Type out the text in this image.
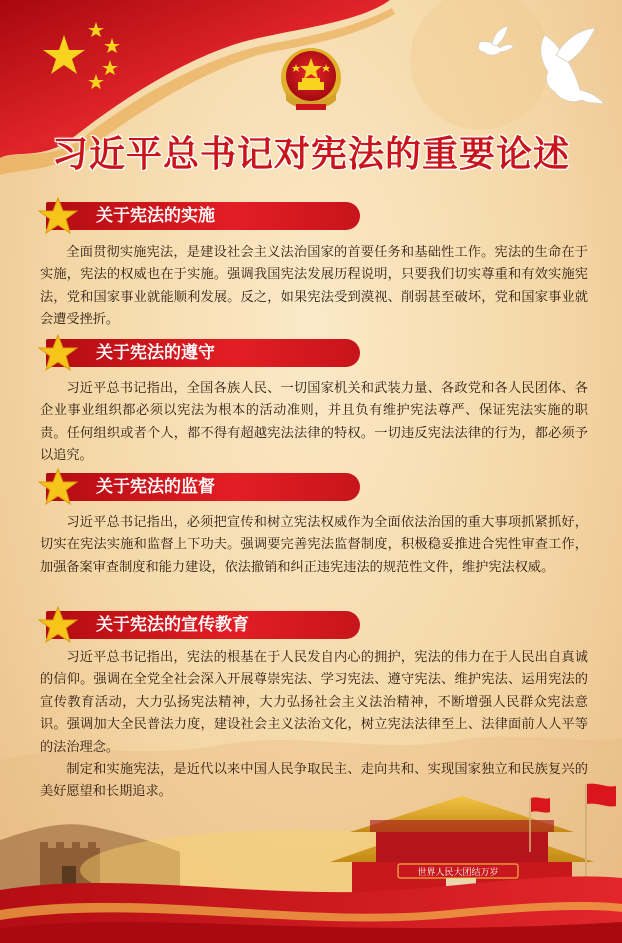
习近平总书记对宪法的重要论述
关于宪法的实施

全面贯彻实施宪法，是建设社会主义法治国家的首要任务和基础性工作。宪法的生命在于实施，宪法的权威也在于实施。强调我国宪法发展历程说明，只要我们切实尊重和有效实施宪法，党和国家事业就能顺利发展。反之，如果宪法受到漠视、削弱甚至破坏，党和国家事业就会遭受挫折。

关于宪法的遵守

习近平总书记指出，全国各族人民、一切国家机关和武装力量、各政党和各人民团体、各企业事业组织都必须以宪法为根本的活动准则，并且负有维护宪法尊严、保证宪法实施的职责。任何组织或者个人，都不得有超越宪法法律的特权。一切违反宪法法律的行为，都必须予以追究。

关于宪法的监督

习近平总书记指出，必须把宣传和树立宪法权威作为全面依法治国的重大事项抓紧抓好，切实在宪法实施和监督上下功夫。强调要完善宪法监督制度，积极稳妥推进合宪性审查工作，加强备案审查制度和能力建设，依法撤销和纠正违宪违法的规范性文件，维护宪法权威。

关于宪法的宣传教育

习近平总书记指出，宪法的根基在于人民发自内心的拥护，宪法的伟力在于人民出自真诚的信仰。强调在全党全社会深入开展尊崇宪法、学习宪法、遵守宪法、维护宪法、运用宪法的宣传教育活动，大力弘扬宪法精神，大力弘扬社会主义法治精神，不断增强人民群众宪法意识。强调加大全民普法力度，建设社会主义法治文化，树立宪法法律至上、法律面前人人平等的法治理念。

制定和实施宪法，是近代以来中国人民争取民主、走向共和、实现国家独立和民族复兴的美好愿望和长期追求。

世界人民大团结万岁
